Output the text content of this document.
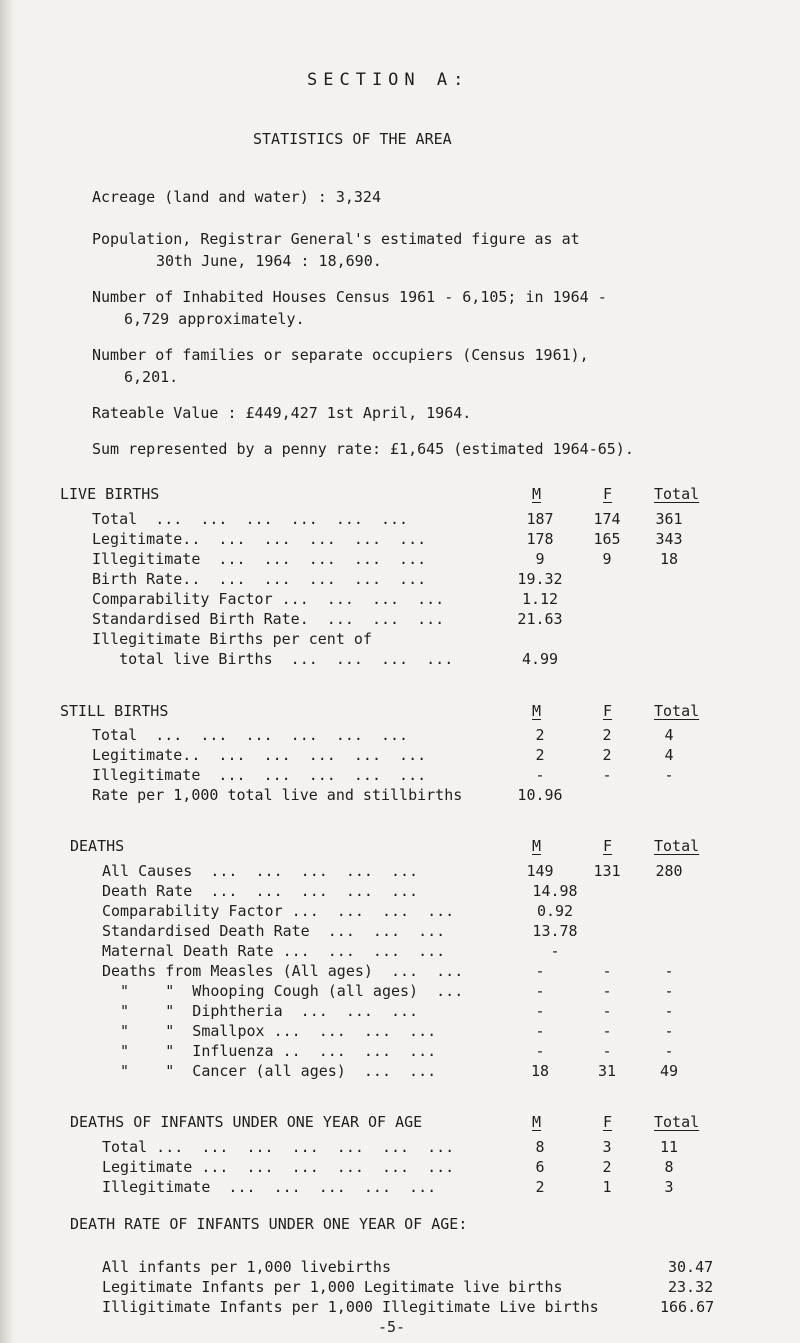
SECTION A:
STATISTICS OF THE AREA
Acreage (land and water) : 3,324
Population, Registrar General's estimated figure as at
30th June, 1964 : 18,690.
Number of Inhabited Houses Census 1961 - 6,105; in 1964 -
6,729 approximately.
Number of families or separate occupiers (Census 1961),
6,201.
Rateable Value : £449,427 1st April, 1964.
Sum represented by a penny rate: £1,645 (estimated 1964-65).
LIVE BIRTHS	M	F	Total
Total  ...  ...  ...  ...  ...  ...	187	174	361
Legitimate..  ...  ...  ...  ...  ...	178	165	343
Illegitimate  ...  ...  ...  ...  ...	9	9	18
Birth Rate..  ...  ...  ...  ...  ...	19.32
Comparability Factor ...  ...  ...  ...	1.12
Standardised Birth Rate.  ...  ...  ...	21.63
Illegitimate Births per cent of
total live Births  ...  ...  ...  ...	4.99
STILL BIRTHS	M	F	Total
Total  ...  ...  ...  ...  ...  ...	2	2	4
Legitimate..  ...  ...  ...  ...  ...	2	2	4
Illegitimate  ...  ...  ...  ...  ...	-	-	-
Rate per 1,000 total live and stillbirths	10.96
DEATHS	M	F	Total
All Causes  ...  ...  ...  ...  ...	149	131	280
Death Rate  ...  ...  ...  ...  ...	14.98
Comparability Factor ...  ...  ...  ...	0.92
Standardised Death Rate  ...  ...  ...	13.78
Maternal Death Rate ...  ...  ...  ...	-
Deaths from Measles (All ages)  ...  ...	-	-	-
"    "  Whooping Cough (all ages)  ...	-	-	-
"    "  Diphtheria  ...  ...  ...	-	-	-
"    "  Smallpox ...  ...  ...  ...	-	-	-
"    "  Influenza ..  ...  ...  ...	-	-	-
"    "  Cancer (all ages)  ...  ...	18	31	49
DEATHS OF INFANTS UNDER ONE YEAR OF AGE	M	F	Total
Total ...  ...  ...  ...  ...  ...  ...	8	3	11
Legitimate ...  ...  ...  ...  ...  ...	6	2	8
Illegitimate  ...  ...  ...  ...  ...	2	1	3
DEATH RATE OF INFANTS UNDER ONE YEAR OF AGE:
All infants per 1,000 livebirths	30.47
Legitimate Infants per 1,000 Legitimate live births	23.32
Illigitimate Infants per 1,000 Illegitimate Live births	166.67
-5-
